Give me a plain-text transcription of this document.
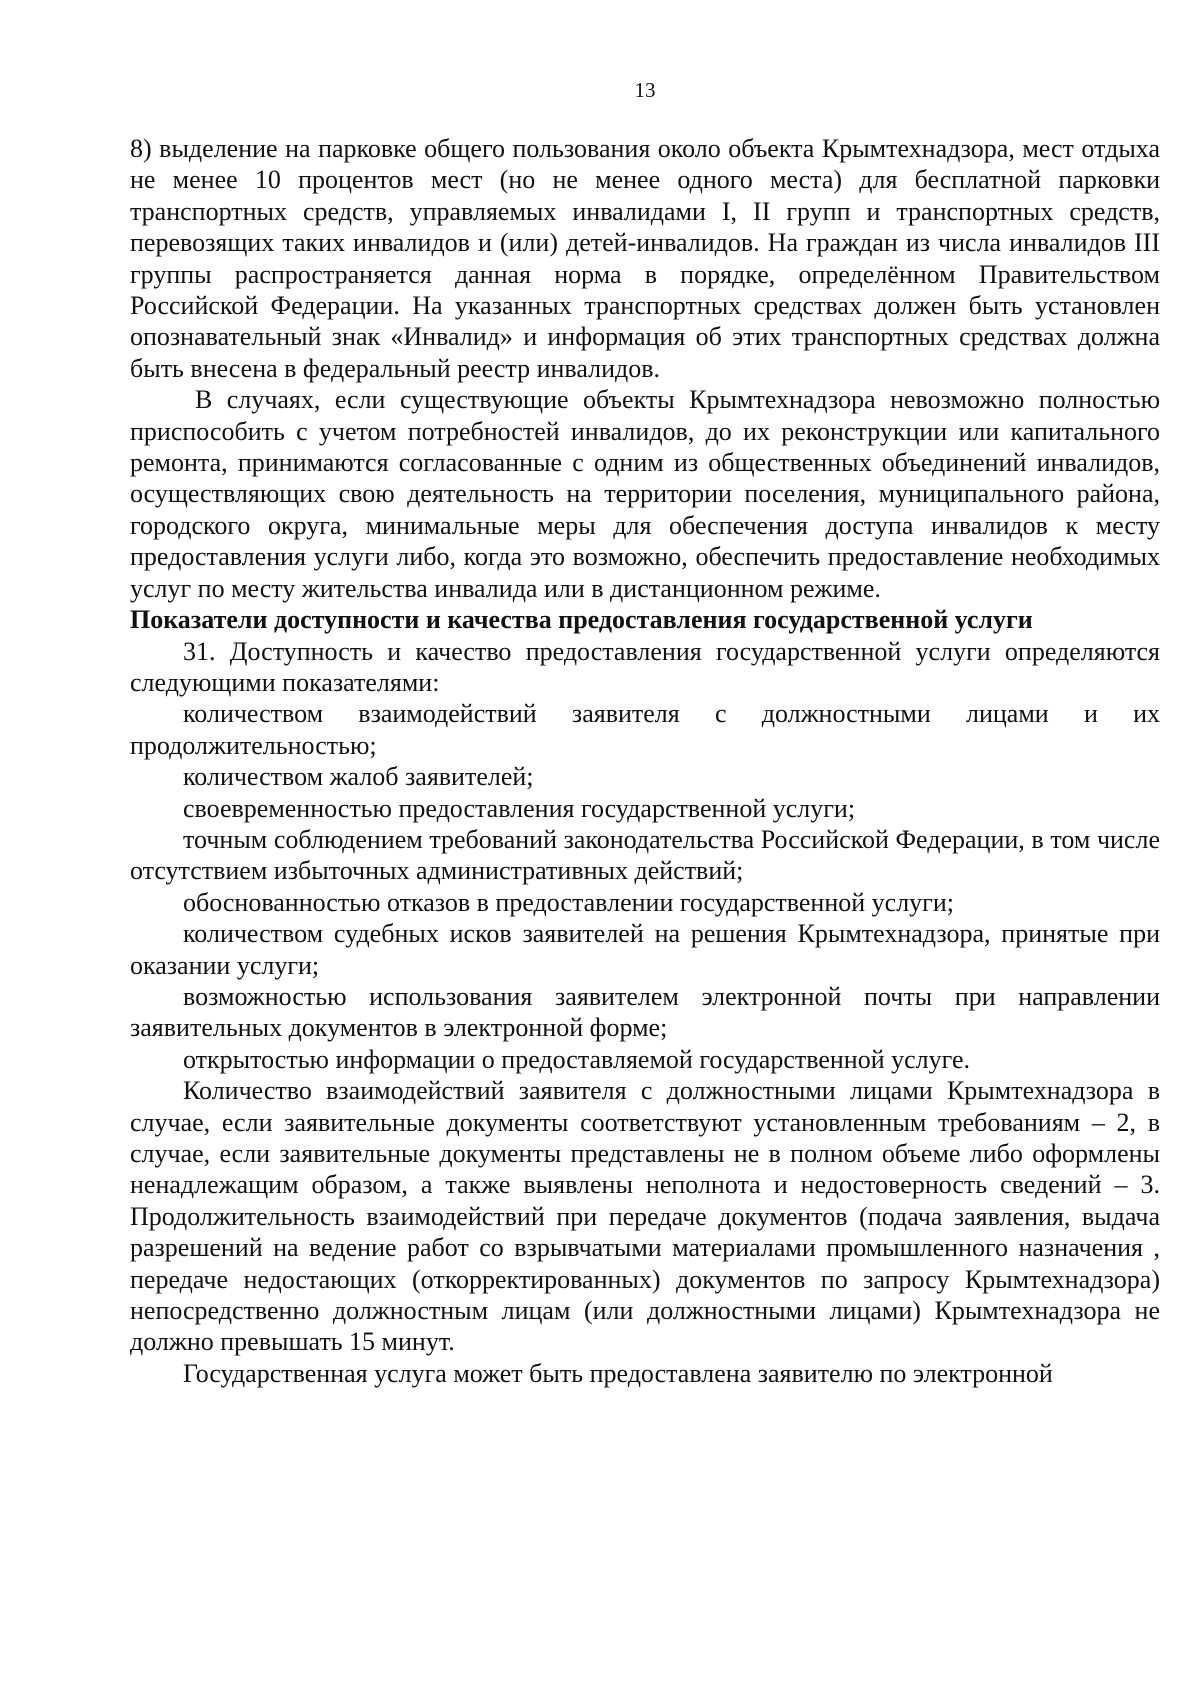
13

8) выделение на парковке общего пользования около объекта Крымтехнадзора, мест отдыха не менее 10 процентов мест (но не менее одного места) для бесплатной парковки транспортных средств, управляемых инвалидами I, II групп и транспортных средств, перевозящих таких инвалидов и (или) детей-инвалидов. На граждан из числа инвалидов III группы распространяется данная норма в порядке, определённом Правительством Российской Федерации. На указанных транспортных средствах должен быть установлен опознавательный знак «Инвалид» и информация об этих транспортных средствах должна быть внесена в федеральный реестр инвалидов.

В случаях, если существующие объекты Крымтехнадзора невозможно полностью приспособить с учетом потребностей инвалидов, до их реконструкции или капитального ремонта, принимаются согласованные с одним из общественных объединений инвалидов, осуществляющих свою деятельность на территории поселения, муниципального района, городского округа, минимальные меры для обеспечения доступа инвалидов к месту предоставления услуги либо, когда это возможно, обеспечить предоставление необходимых услуг по месту жительства инвалида или в дистанционном режиме.

Показатели доступности и качества предоставления государственной услуги

31. Доступность и качество предоставления государственной услуги определяются следующими показателями:

количеством взаимодействий заявителя с должностными лицами и их продолжительностью;

количеством жалоб заявителей;

своевременностью предоставления государственной услуги;

точным соблюдением требований законодательства Российской Федерации, в том числе отсутствием избыточных административных действий;

обоснованностью отказов в предоставлении государственной услуги;

количеством судебных исков заявителей на решения Крымтехнадзора, принятые при оказании услуги;

возможностью использования заявителем электронной почты при направлении заявительных документов в электронной форме;

открытостью информации о предоставляемой государственной услуге.

Количество взаимодействий заявителя с должностными лицами Крымтехнадзора в случае, если заявительные документы соответствуют установленным требованиям – 2, в случае, если заявительные документы представлены не в полном объеме либо оформлены ненадлежащим образом, а также выявлены неполнота и недостоверность сведений – 3. Продолжительность взаимодействий при передаче документов (подача заявления, выдача разрешений на ведение работ со взрывчатыми материалами промышленного назначения , передаче недостающих (откорректированных) документов по запросу Крымтехнадзора) непосредственно должностным лицам (или должностными лицами) Крымтехнадзора не должно превышать 15 минут.

Государственная услуга может быть предоставлена заявителю по электронной
